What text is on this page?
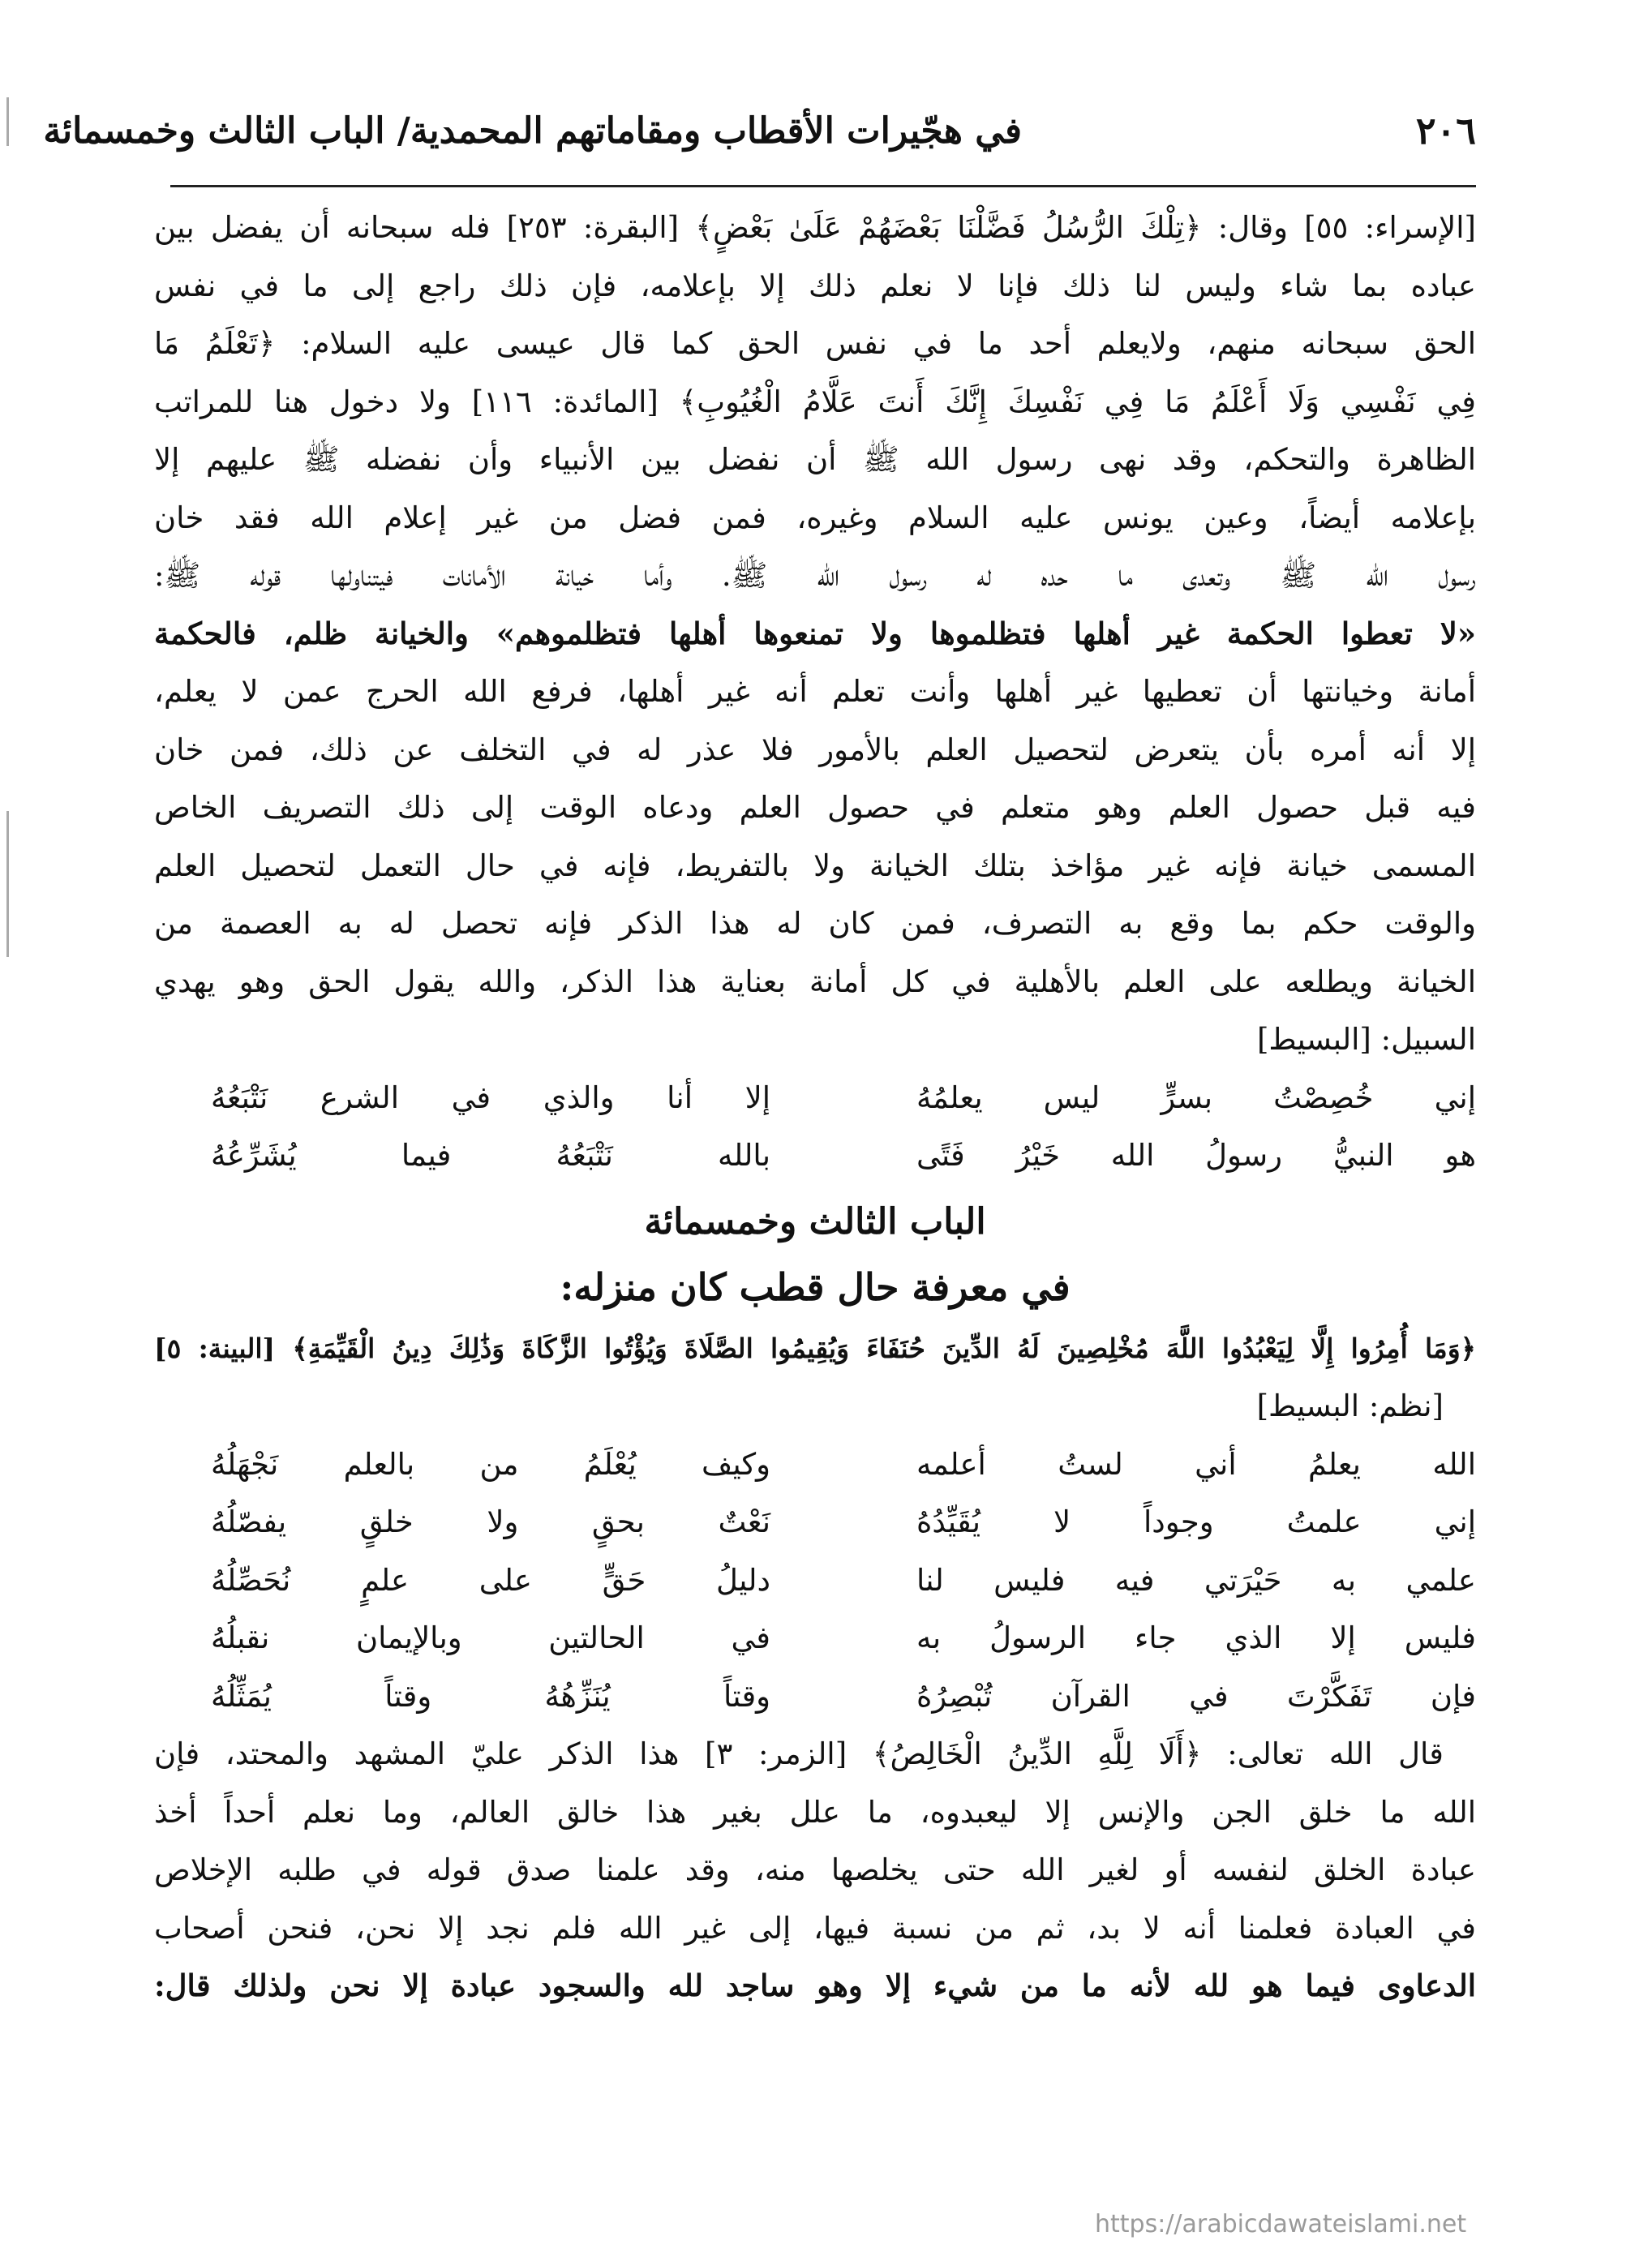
٢٠٦
في هجّيرات الأقطاب ومقاماتهم المحمدية/ الباب الثالث وخمسمائة

[الإسراء: ٥٥] وقال: ﴿تِلْكَ الرُّسُلُ فَضَّلْنَا بَعْضَهُمْ عَلَىٰ بَعْضٍ﴾ [البقرة: ٢٥٣] فله سبحانه أن يفضل بين
عباده بما شاء وليس لنا ذلك فإنا لا نعلم ذلك إلا بإعلامه، فإن ذلك راجع إلى ما في نفس
الحق سبحانه منهم، ولايعلم أحد ما في نفس الحق كما قال عيسى عليه السلام: ﴿تَعْلَمُ مَا
فِي نَفْسِي وَلَا أَعْلَمُ مَا فِي نَفْسِكَ إِنَّكَ أَنتَ عَلَّامُ الْغُيُوبِ﴾ [المائدة: ١١٦] ولا دخول هنا للمراتب
الظاهرة والتحكم، وقد نهى رسول الله ﷺ أن نفضل بين الأنبياء وأن نفضله ﷺ عليهم إلا
بإعلامه أيضاً، وعين يونس عليه السلام وغيره، فمن فضل من غير إعلام الله فقد خان
رسول الله ﷺ وتعدى ما حده له رسول الله ﷺ. وأما خيانة الأمانات فيتناولها قوله ﷺ:
«لا تعطوا الحكمة غير أهلها فتظلموها ولا تمنعوها أهلها فتظلموهم» والخيانة ظلم، فالحكمة
أمانة وخيانتها أن تعطيها غير أهلها وأنت تعلم أنه غير أهلها، فرفع الله الحرج عمن لا يعلم،
إلا أنه أمره بأن يتعرض لتحصيل العلم بالأمور فلا عذر له في التخلف عن ذلك، فمن خان
فيه قبل حصول العلم وهو متعلم في حصول العلم ودعاه الوقت إلى ذلك التصريف الخاص
المسمى خيانة فإنه غير مؤاخذ بتلك الخيانة ولا بالتفريط، فإنه في حال التعمل لتحصيل العلم
والوقت حكم بما وقع به التصرف، فمن كان له هذا الذكر فإنه تحصل له به العصمة من
الخيانة ويطلعه على العلم بالأهلية في كل أمانة بعناية هذا الذكر، والله يقول الحق وهو يهدي
السبيل: [البسيط]

إني خُصِصْتُ بسرٍّ ليس يعلمُهُ
إلا أنا والذي في الشرع نَتْبَعُهُ
هو النبيُّ رسولُ الله خَيْرُ فَتًى
بالله نَتْبَعُهُ فيما يُشَرِّعُهُ
الباب الثالث وخمسمائة
في معرفة حال قطب كان منزله:
﴿وَمَا أُمِرُوا إِلَّا لِيَعْبُدُوا اللَّهَ مُخْلِصِينَ لَهُ الدِّينَ حُنَفَاءَ وَيُقِيمُوا الصَّلَاةَ وَيُؤْتُوا الزَّكَاةَ وَذَٰلِكَ دِينُ الْقَيِّمَةِ﴾ [البينة: ٥]
[نظم: البسيط]
الله يعلمُ أني لستُ أعلمه
وكيف يُعْلَمُ من بالعلم نَجْهَلُهُ
إني علمتُ وجوداً لا يُقَيِّدُهُ
نَعْتٌ بحقٍ ولا خلقٍ يفصّلُهُ
علمي به حَيْرَتي فيه فليس لنا
دليلُ حَقٍّ على علمٍ نُحَصِّلُهُ
فليس إلا الذي جاء الرسولُ به
في الحالتين وبالإيمان نقبلُهُ
فإن تَفَكَّرْتَ في القرآن تُبْصِرُهُ
وقتاً يُنَزِّهُهُ وقتاً يُمَثِّلُهُ

قال الله تعالى: ﴿أَلَا لِلَّهِ الدِّينُ الْخَالِصُ﴾ [الزمر: ٣] هذا الذكر عليّ المشهد والمحتد، فإن
الله ما خلق الجن والإنس إلا ليعبدوه، ما علل بغير هذا خالق العالم، وما نعلم أحداً أخذ
عبادة الخلق لنفسه أو لغير الله حتى يخلصها منه، وقد علمنا صدق قوله في طلبه الإخلاص
في العبادة فعلمنا أنه لا بد، ثم من نسبة فيها، إلى غير الله فلم نجد إلا نحن، فنحن أصحاب
الدعاوى فيما هو لله لأنه ما من شيء إلا وهو ساجد لله والسجود عبادة إلا نحن ولذلك قال:

https://arabicdawateislami.net
